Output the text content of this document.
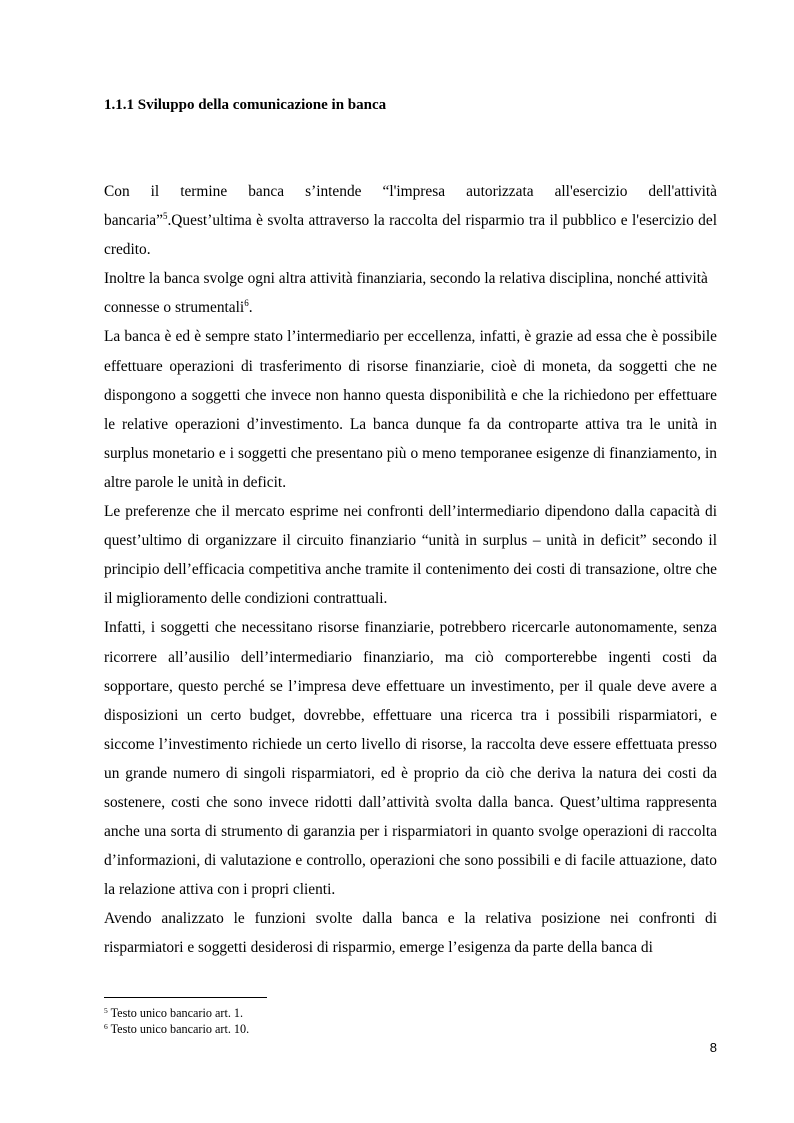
1.1.1 Sviluppo della comunicazione in banca

Con il termine banca s’intende “l'impresa autorizzata all'esercizio dell'attività bancaria”$^5$.Quest’ultima è svolta attraverso la raccolta del risparmio tra il pubblico e l'esercizio del credito.

Inoltre la banca svolge ogni altra attività finanziaria, secondo la relativa disciplina, nonché attività connesse o strumentali$^6$.

La banca è ed è sempre stato l’intermediario per eccellenza, infatti, è grazie ad essa che è possibile effettuare operazioni di trasferimento di risorse finanziarie, cioè di moneta, da soggetti che ne dispongono a soggetti che invece non hanno questa disponibilità e che la richiedono per effettuare le relative operazioni d’investimento. La banca dunque fa da controparte attiva tra le unità in surplus monetario e i soggetti che presentano più o meno temporanee esigenze di finanziamento, in altre parole le unità in deficit.

Le preferenze che il mercato esprime nei confronti dell’intermediario dipendono dalla capacità di quest’ultimo di organizzare il circuito finanziario “unità in surplus – unità in deficit” secondo il principio dell’efficacia competitiva anche tramite il contenimento dei costi di transazione, oltre che il miglioramento delle condizioni contrattuali.

Infatti, i soggetti che necessitano risorse finanziarie, potrebbero ricercarle autonomamente, senza ricorrere all’ausilio dell’intermediario finanziario, ma ciò comporterebbe ingenti costi da sopportare, questo perché se l’impresa deve effettuare un investimento, per il quale deve avere a disposizioni un certo budget, dovrebbe, effettuare una ricerca tra i possibili risparmiatori, e siccome l’investimento richiede un certo livello di risorse, la raccolta deve essere effettuata presso un grande numero di singoli risparmiatori, ed è proprio da ciò che deriva la natura dei costi da sostenere, costi che sono invece ridotti dall’attività svolta dalla banca. Quest’ultima rappresenta anche una sorta di strumento di garanzia per i risparmiatori in quanto svolge operazioni di raccolta d’informazioni, di valutazione e controllo, operazioni che sono possibili e di facile attuazione, dato la relazione attiva con i propri clienti.

Avendo analizzato le funzioni svolte dalla banca e la relativa posizione nei confronti di risparmiatori e soggetti desiderosi di risparmio, emerge l’esigenza da parte della banca di

$^5$ Testo unico bancario art. 1.
$^6$ Testo unico bancario art. 10.
8
